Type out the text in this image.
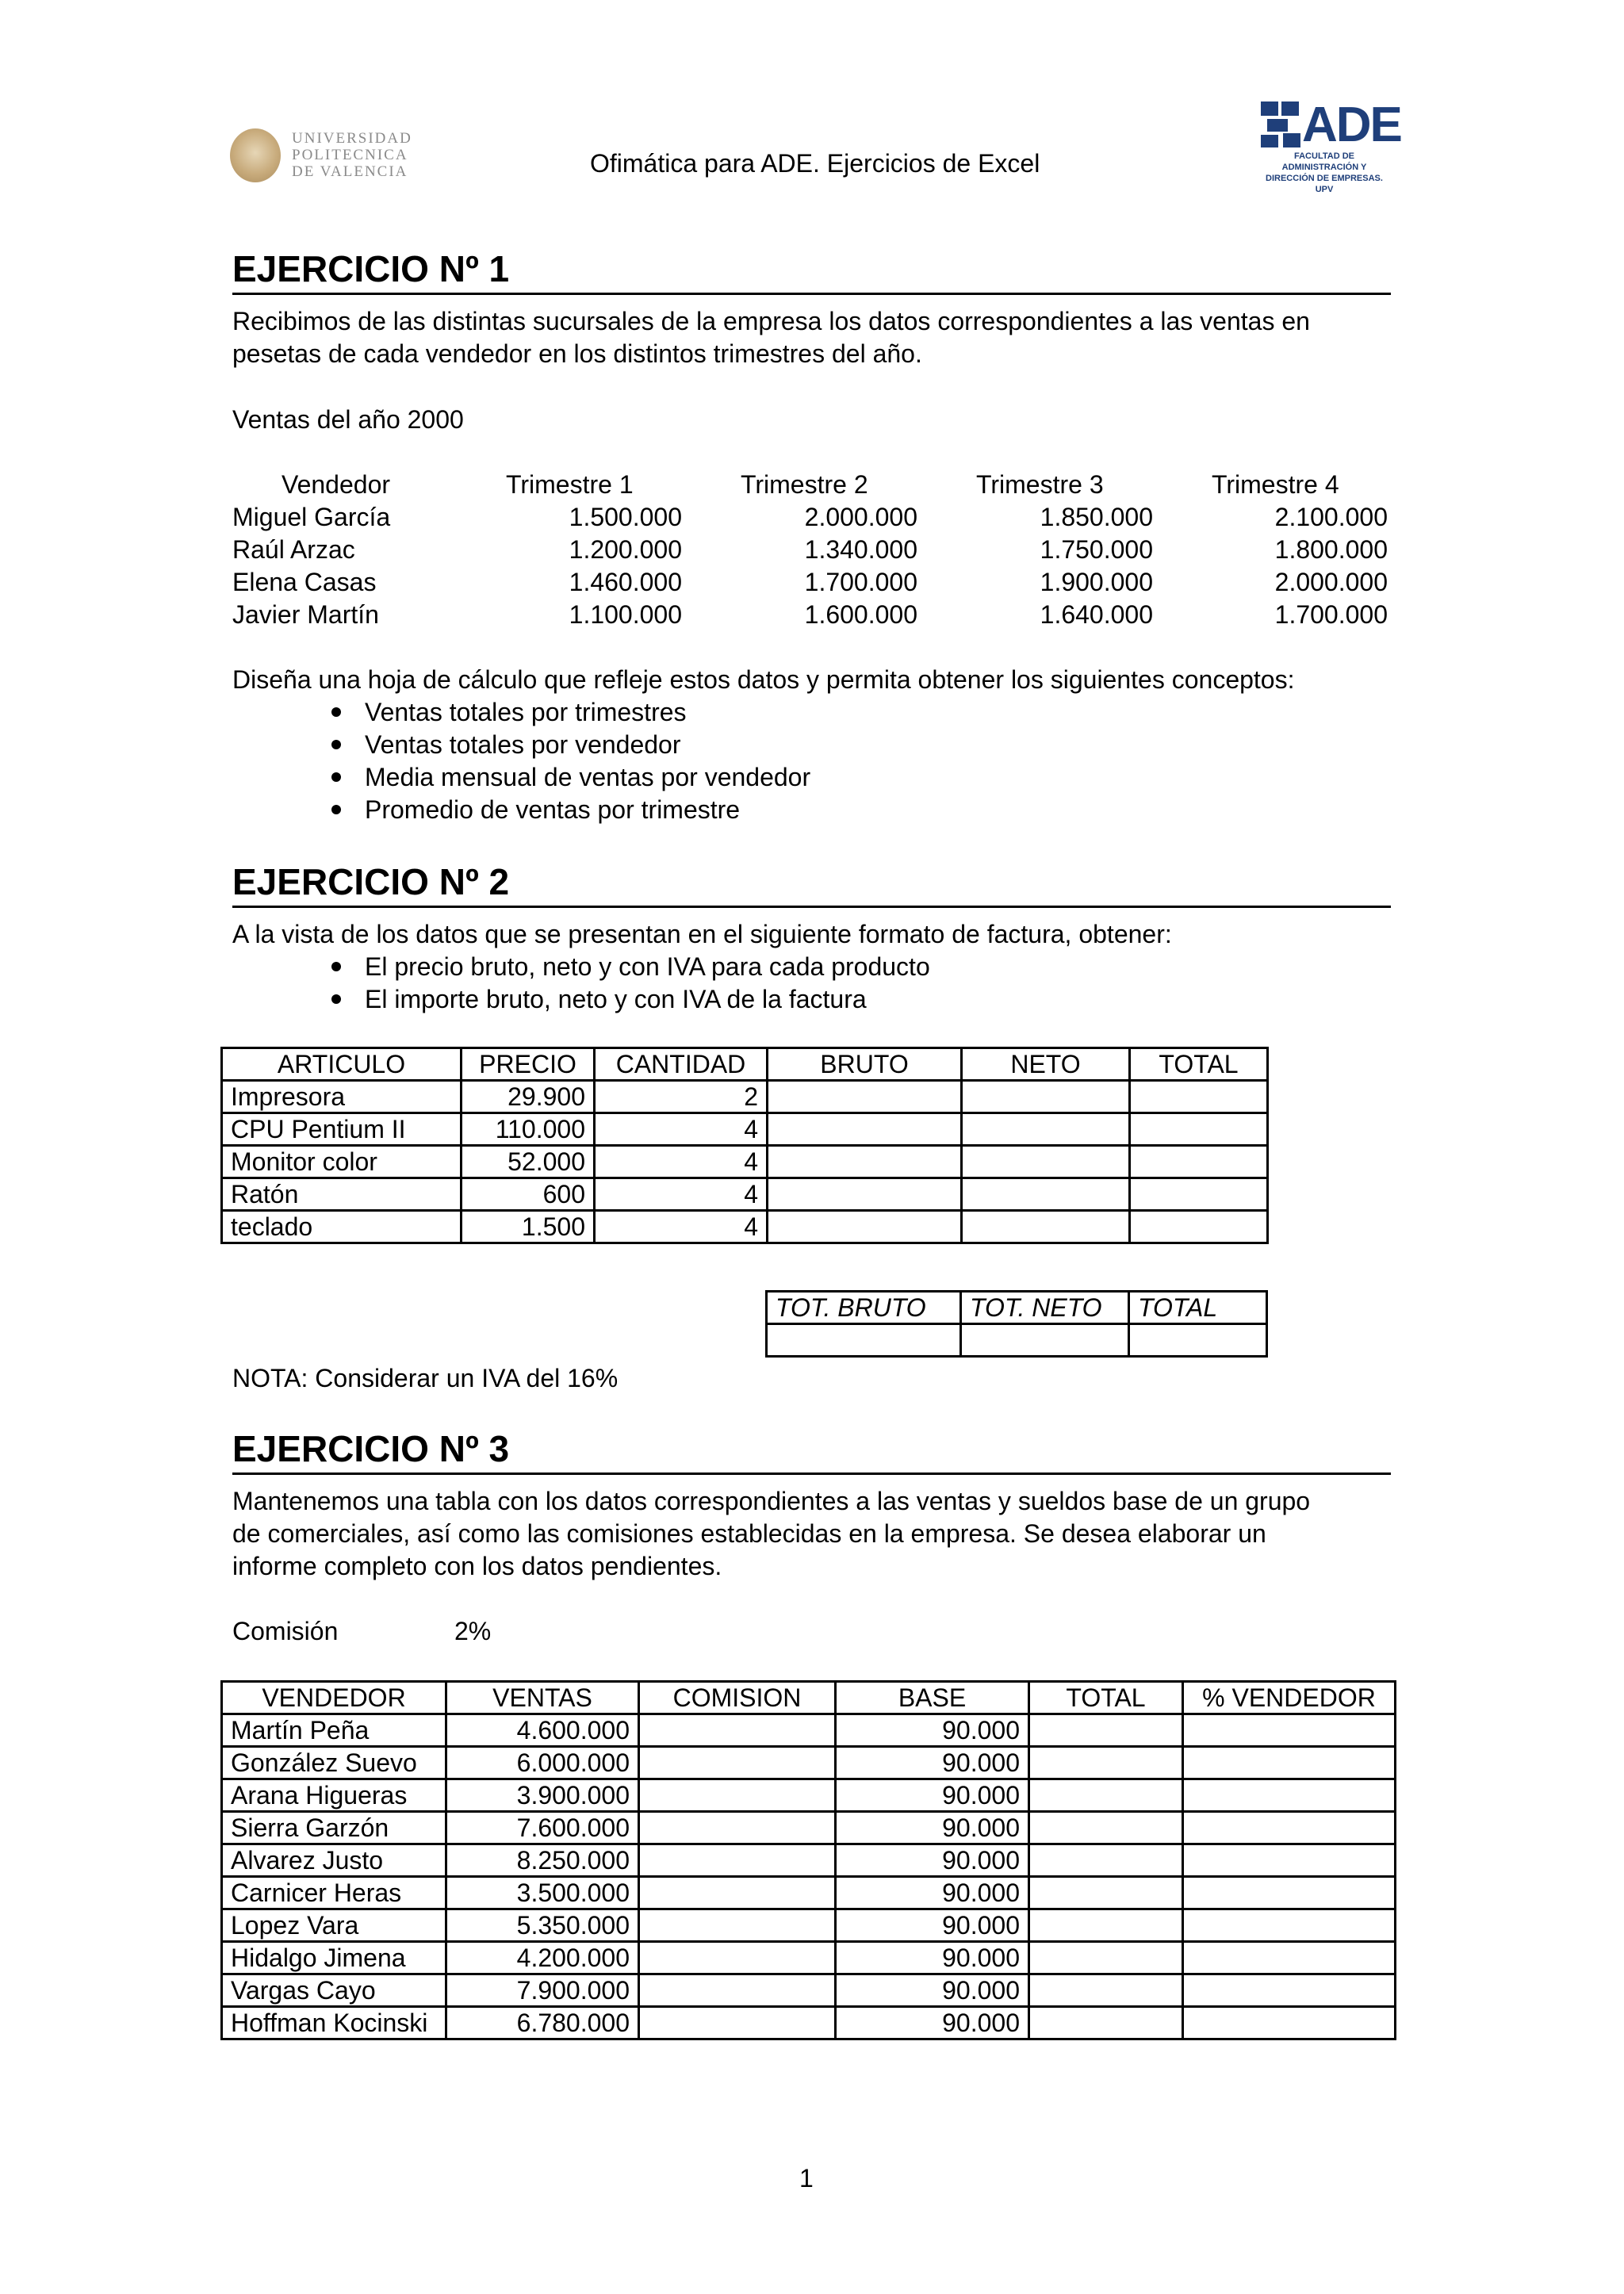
UNIVERSIDAD
POLITECNICA
DE VALENCIA	Ofimática para ADE. Ejercicios de Excel
ADE
FACULTAD DE ADMINISTRACIÓN Y DIRECCIÓN DE EMPRESAS. UPV
EJERCICIO Nº 1
Recibimos de las distintas sucursales de la empresa los datos correspondientes a las ventas en
pesetas de cada vendedor en los distintos trimestres del año.
Ventas del año 2000
Vendedor	Trimestre 1	Trimestre 2	Trimestre 3	Trimestre 4
Miguel García	1.500.000	2.000.000	1.850.000	2.100.000
Raúl Arzac	1.200.000	1.340.000	1.750.000	1.800.000
Elena Casas	1.460.000	1.700.000	1.900.000	2.000.000
Javier Martín	1.100.000	1.600.000	1.640.000	1.700.000
Diseña una hoja de cálculo que refleje estos datos y permita obtener los siguientes conceptos:
Ventas totales por trimestres
Ventas totales por vendedor
Media mensual de ventas por vendedor
Promedio de ventas por trimestre
EJERCICIO Nº 2
A la vista de los datos que se presentan en el siguiente formato de factura, obtener:
El precio bruto, neto y con IVA para cada producto
El importe bruto, neto y con IVA de la factura
ARTICULO	PRECIO	CANTIDAD	BRUTO	NETO	TOTAL
Impresora	29.900	2			
CPU Pentium II	110.000	4			
Monitor color	52.000	4			
Ratón	600	4			
teclado	1.500	4			
TOT. BRUTO	TOT. NETO	TOTAL

NOTA: Considerar un IVA del 16%
EJERCICIO Nº 3
Mantenemos una tabla con los datos correspondientes a las ventas y sueldos base de un grupo
de comerciales, así como las comisiones establecidas en la empresa. Se desea elaborar un
informe completo con los datos pendientes.
Comisión	2%
VENDEDOR	VENTAS	COMISION	BASE	TOTAL	% VENDEDOR
Martín Peña	4.600.000		90.000		
González Suevo	6.000.000		90.000		
Arana Higueras	3.900.000		90.000		
Sierra Garzón	7.600.000		90.000		
Alvarez Justo	8.250.000		90.000		
Carnicer Heras	3.500.000		90.000		
Lopez Vara	5.350.000		90.000		
Hidalgo Jimena	4.200.000		90.000		
Vargas Cayo	7.900.000		90.000		
Hoffman Kocinski	6.780.000		90.000		
1
